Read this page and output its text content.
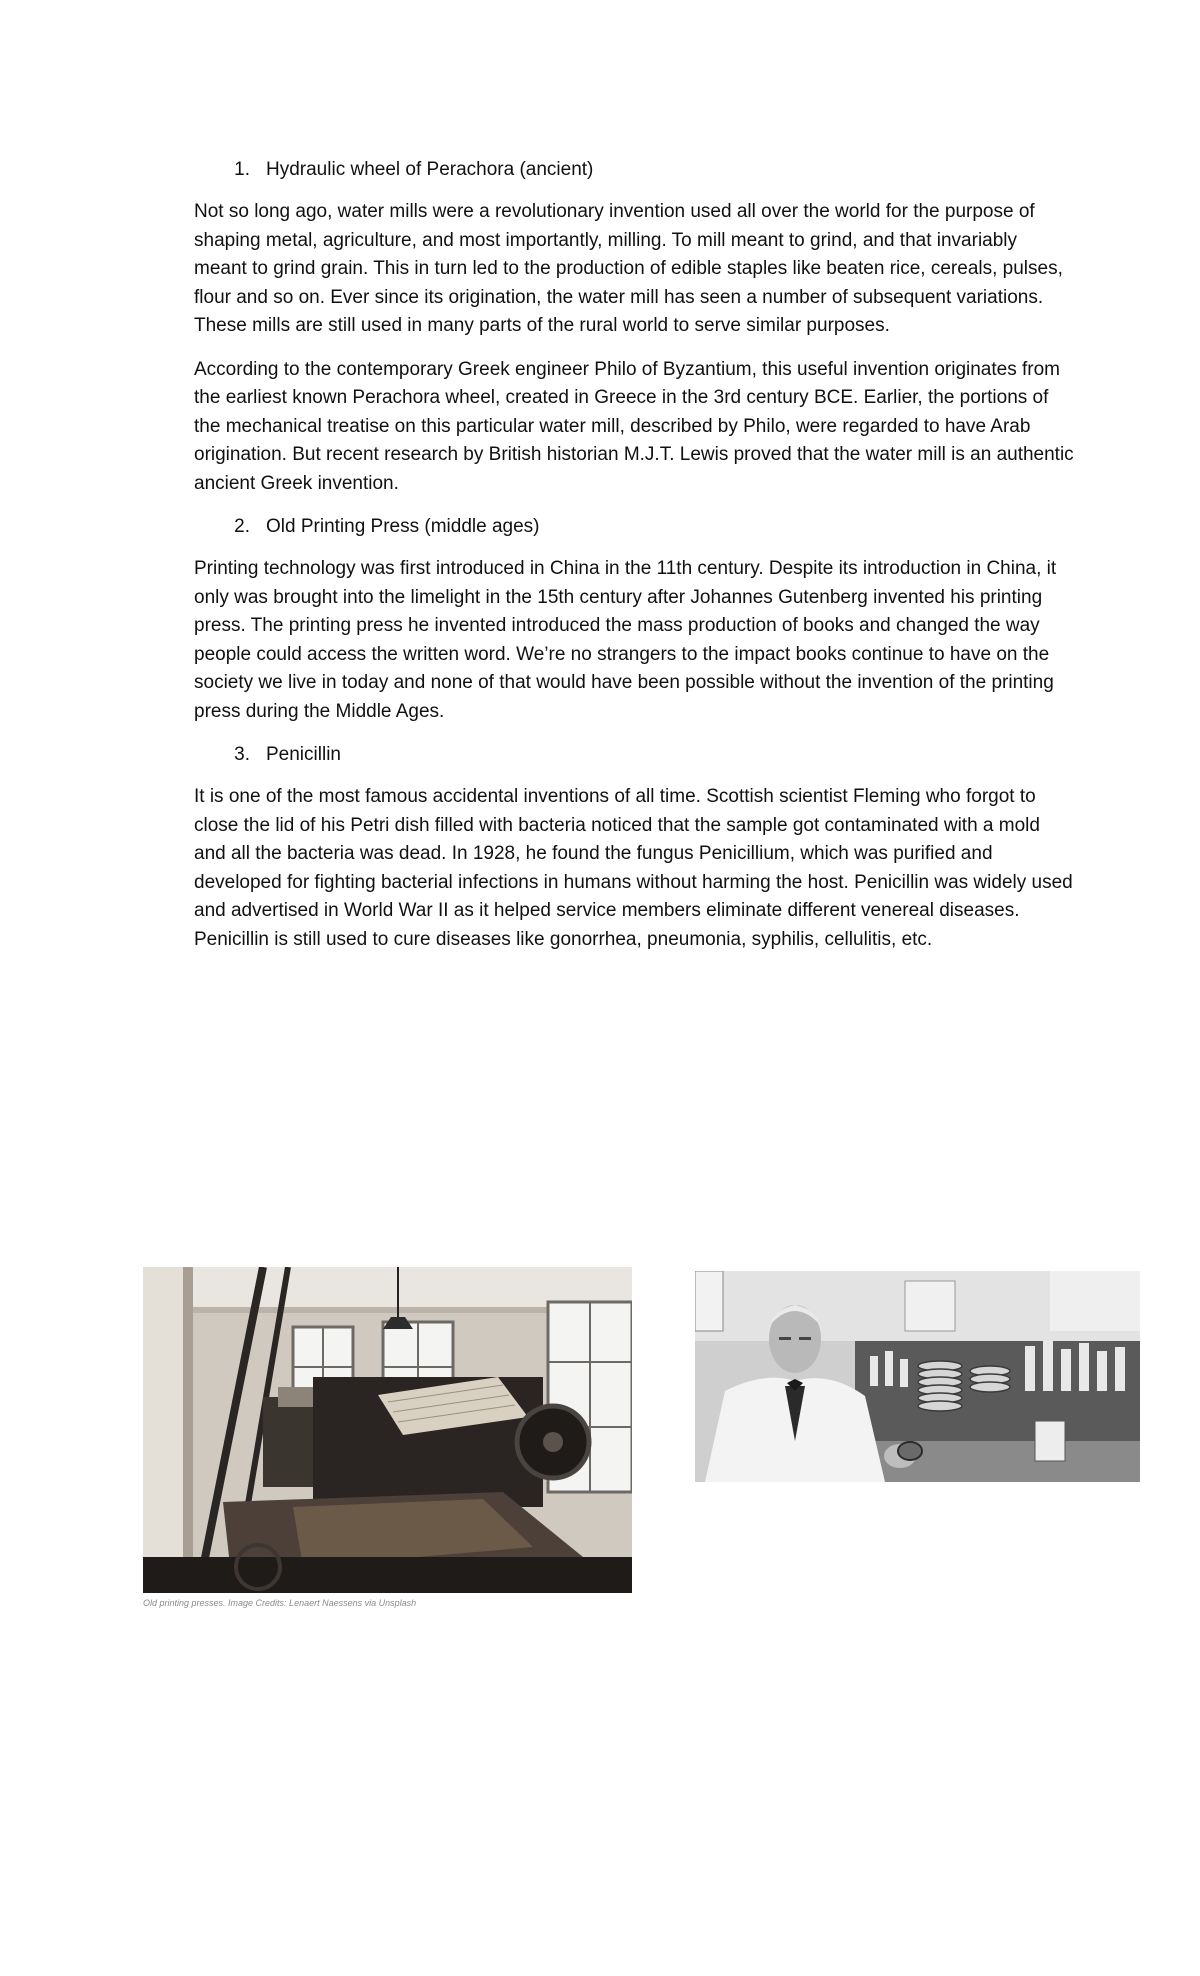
1. Hydraulic wheel of Perachora (ancient)

Not so long ago, water mills were a revolutionary invention used all over the world for the purpose of shaping metal, agriculture, and most importantly, milling. To mill meant to grind, and that invariably meant to grind grain. This in turn led to the production of edible staples like beaten rice, cereals, pulses, flour and so on. Ever since its origination, the water mill has seen a number of subsequent variations. These mills are still used in many parts of the rural world to serve similar purposes.

According to the contemporary Greek engineer Philo of Byzantium, this useful invention originates from the earliest known Perachora wheel, created in Greece in the 3rd century BCE. Earlier, the portions of the mechanical treatise on this particular water mill, described by Philo, were regarded to have Arab origination. But recent research by British historian M.J.T. Lewis proved that the water mill is an authentic ancient Greek invention.

2. Old Printing Press (middle ages)

Printing technology was first introduced in China in the 11th century. Despite its introduction in China, it only was brought into the limelight in the 15th century after Johannes Gutenberg invented his printing press. The printing press he invented introduced the mass production of books and changed the way people could access the written word. We’re no strangers to the impact books continue to have on the society we live in today and none of that would have been possible without the invention of the printing press during the Middle Ages.

3. Penicillin

It is one of the most famous accidental inventions of all time. Scottish scientist Fleming who forgot to close the lid of his Petri dish filled with bacteria noticed that the sample got contaminated with a mold and all the bacteria was dead. In 1928, he found the fungus Penicillium, which was purified and developed for fighting bacterial infections in humans without harming the host. Penicillin was widely used and advertised in World War II as it helped service members eliminate different venereal diseases. Penicillin is still used to cure diseases like gonorrhea, pneumonia, syphilis, cellulitis, etc.

Old printing presses. Image Credits: Lenaert Naessens via Unsplash
